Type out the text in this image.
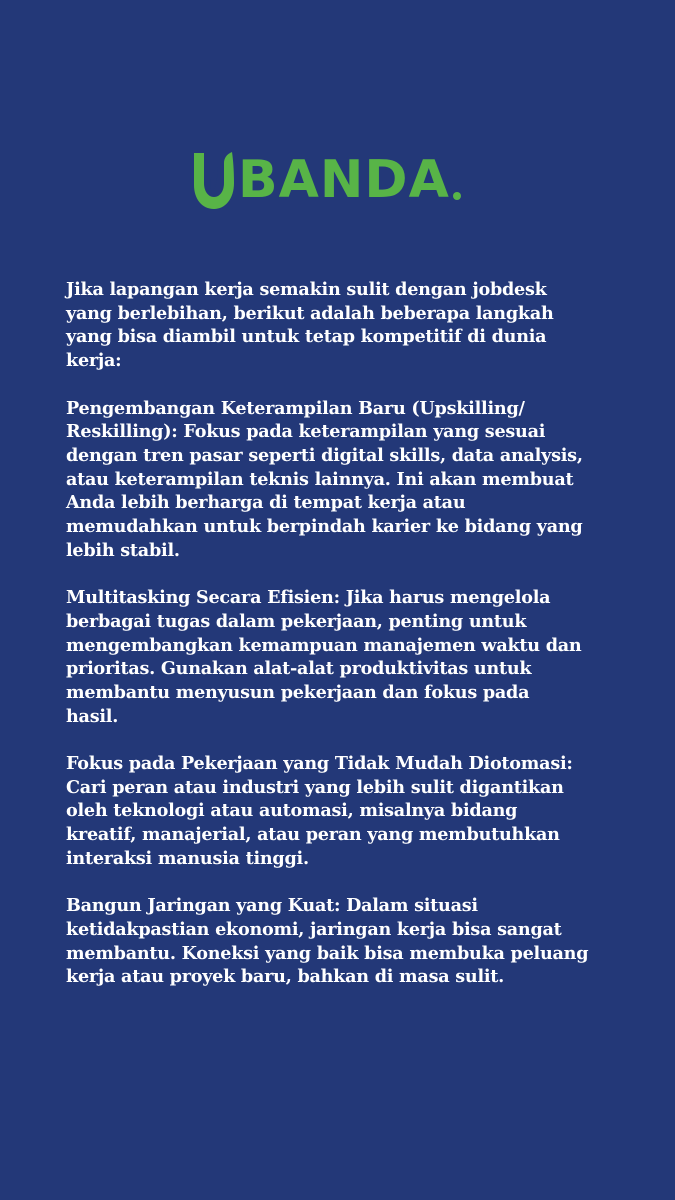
BANDA

Jika lapangan kerja semakin sulit dengan jobdesk
yang berlebihan, berikut adalah beberapa langkah
yang bisa diambil untuk tetap kompetitif di dunia
kerja:

Pengembangan Keterampilan Baru (Upskilling/
Reskilling): Fokus pada keterampilan yang sesuai
dengan tren pasar seperti digital skills, data analysis,
atau keterampilan teknis lainnya. Ini akan membuat
Anda lebih berharga di tempat kerja atau
memudahkan untuk berpindah karier ke bidang yang
lebih stabil.

Multitasking Secara Efisien: Jika harus mengelola
berbagai tugas dalam pekerjaan, penting untuk
mengembangkan kemampuan manajemen waktu dan
prioritas. Gunakan alat-alat produktivitas untuk
membantu menyusun pekerjaan dan fokus pada
hasil.

Fokus pada Pekerjaan yang Tidak Mudah Diotomasi:
Cari peran atau industri yang lebih sulit digantikan
oleh teknologi atau automasi, misalnya bidang
kreatif, manajerial, atau peran yang membutuhkan
interaksi manusia tinggi.

Bangun Jaringan yang Kuat: Dalam situasi
ketidakpastian ekonomi, jaringan kerja bisa sangat
membantu. Koneksi yang baik bisa membuka peluang
kerja atau proyek baru, bahkan di masa sulit.
